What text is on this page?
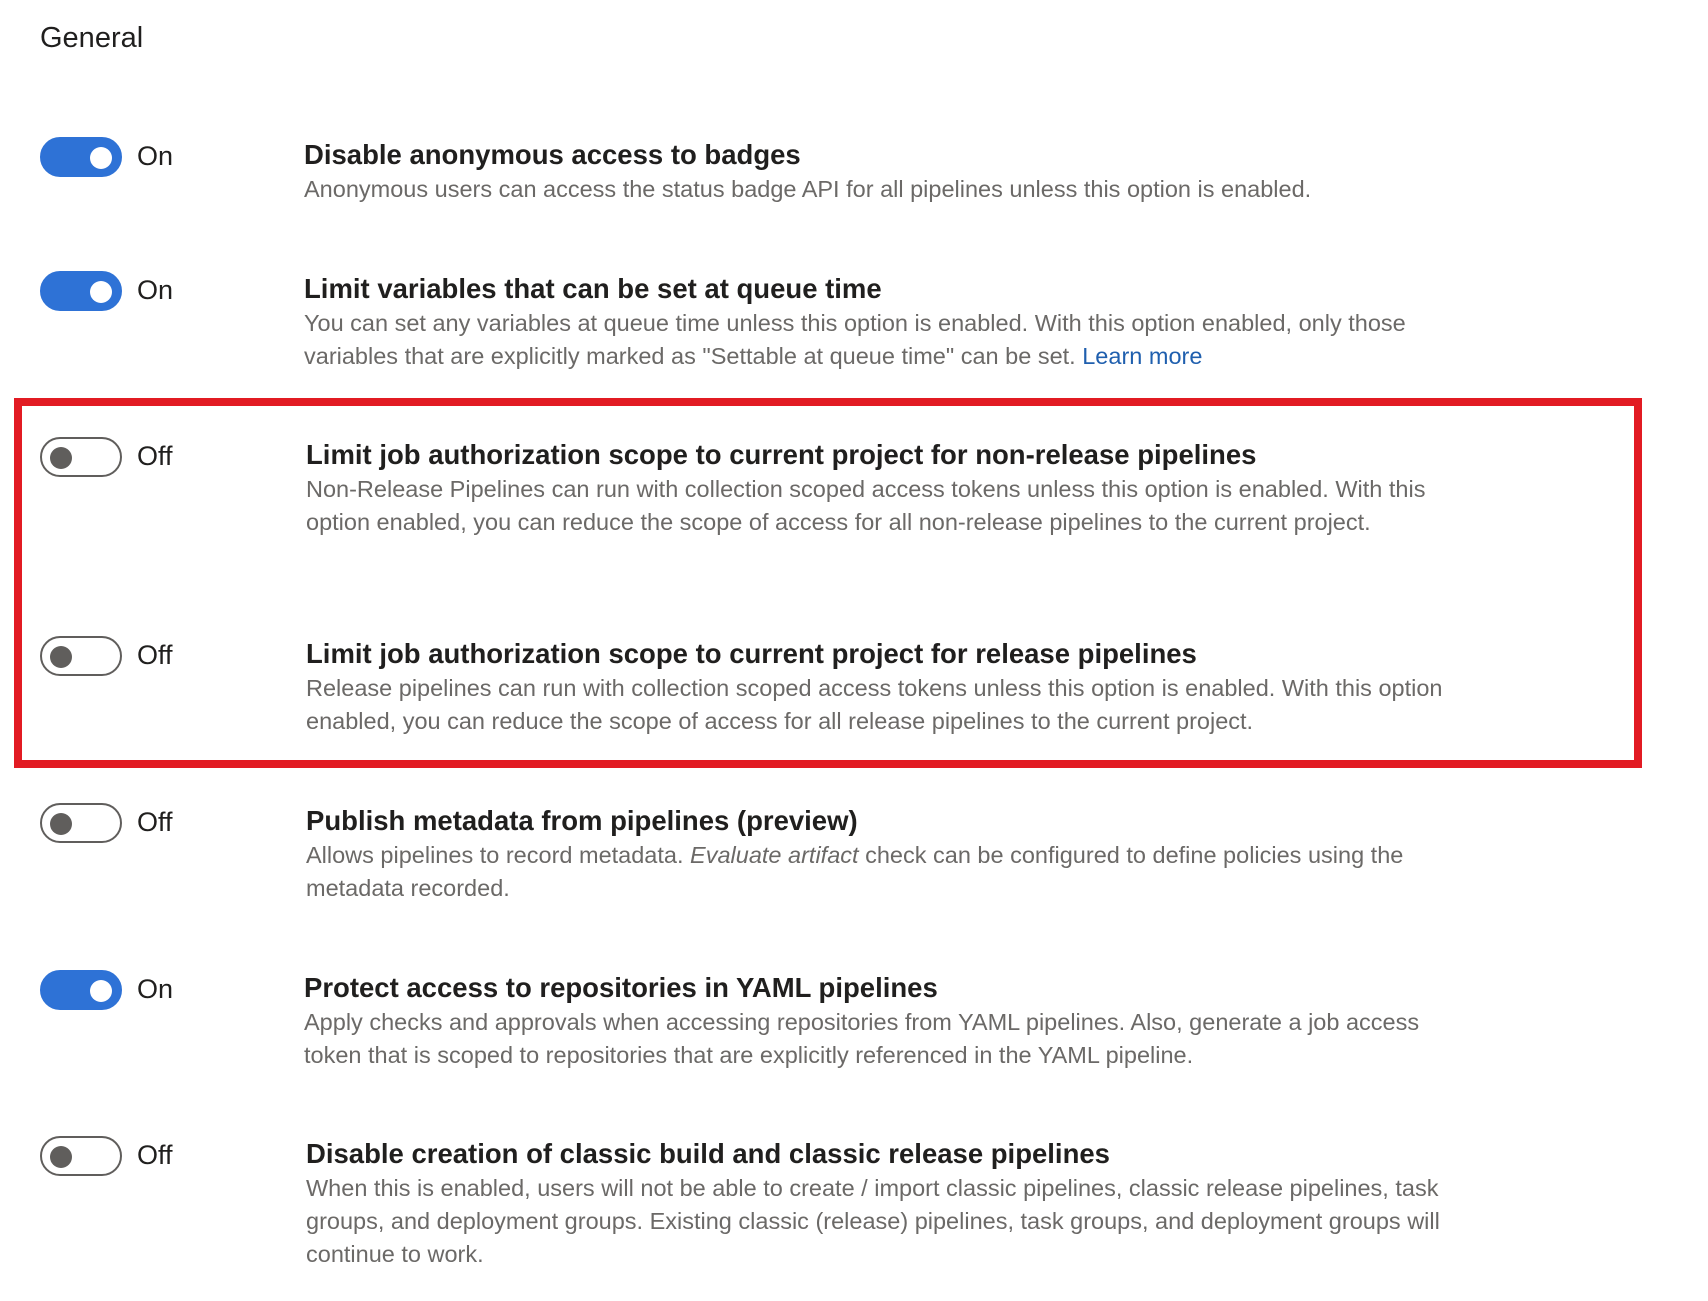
General
On	Disable anonymous access to badges

Anonymous users can access the status badge API for all pipelines unless this option is enabled.

On	Limit variables that can be set at queue time

You can set any variables at queue time unless this option is enabled. With this option enabled, only those variables that are explicitly marked as "Settable at queue time" can be set. Learn more

Off	Limit job authorization scope to current project for non-release pipelines

Non-Release Pipelines can run with collection scoped access tokens unless this option is enabled. With this option enabled, you can reduce the scope of access for all non-release pipelines to the current project.

Off	Limit job authorization scope to current project for release pipelines

Release pipelines can run with collection scoped access tokens unless this option is enabled. With this option enabled, you can reduce the scope of access for all release pipelines to the current project.

Off	Publish metadata from pipelines (preview)

Allows pipelines to record metadata. Evaluate artifact check can be configured to define policies using the metadata recorded.

On	Protect access to repositories in YAML pipelines

Apply checks and approvals when accessing repositories from YAML pipelines. Also, generate a job access token that is scoped to repositories that are explicitly referenced in the YAML pipeline.

Off	Disable creation of classic build and classic release pipelines

When this is enabled, users will not be able to create / import classic pipelines, classic release pipelines, task groups, and deployment groups. Existing classic (release) pipelines, task groups, and deployment groups will continue to work.
